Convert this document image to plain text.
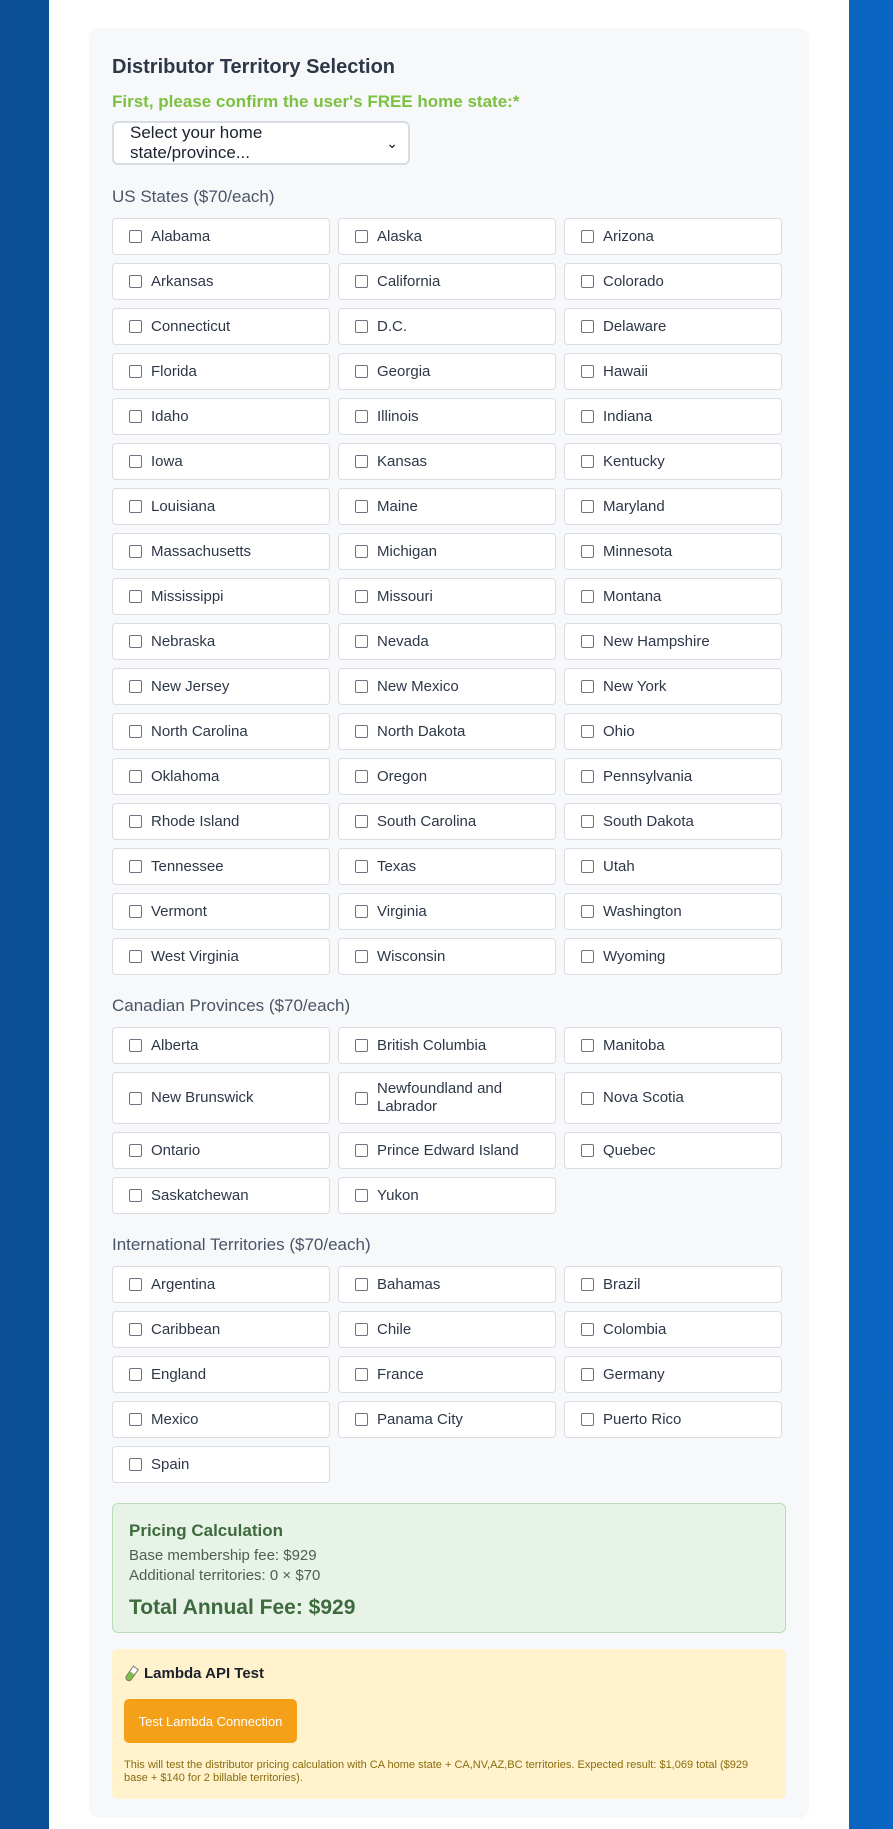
Distributor Territory Selection
First, please confirm the user's FREE home state:*
Select your home state/province...
⌄
US States ($70/each)
Alabama	Alaska	Arizona
Arkansas	California	Colorado
Connecticut	D.C.	Delaware
Florida	Georgia	Hawaii
Idaho	Illinois	Indiana
Iowa	Kansas	Kentucky
Louisiana	Maine	Maryland
Massachusetts	Michigan	Minnesota
Mississippi	Missouri	Montana
Nebraska	Nevada	New Hampshire
New Jersey	New Mexico	New York
North Carolina	North Dakota	Ohio
Oklahoma	Oregon	Pennsylvania
Rhode Island	South Carolina	South Dakota
Tennessee	Texas	Utah
Vermont	Virginia	Washington
West Virginia	Wisconsin	Wyoming
Canadian Provinces ($70/each)
Alberta	British Columbia	Manitoba
New Brunswick
Newfoundland and Labrador
Nova Scotia
Ontario	Prince Edward Island	Quebec
Saskatchewan	Yukon
International Territories ($70/each)
Argentina	Bahamas	Brazil
Caribbean	Chile	Colombia
England	France	Germany
Mexico	Panama City	Puerto Rico
Spain
Pricing Calculation
Base membership fee: $929
Additional territories: 0 × $70
Total Annual Fee: $929
Lambda API Test
Test Lambda Connection
This will test the distributor pricing calculation with CA home state + CA,NV,AZ,BC territories. Expected result: $1,069 total ($929 base + $140 for 2 billable territories).
